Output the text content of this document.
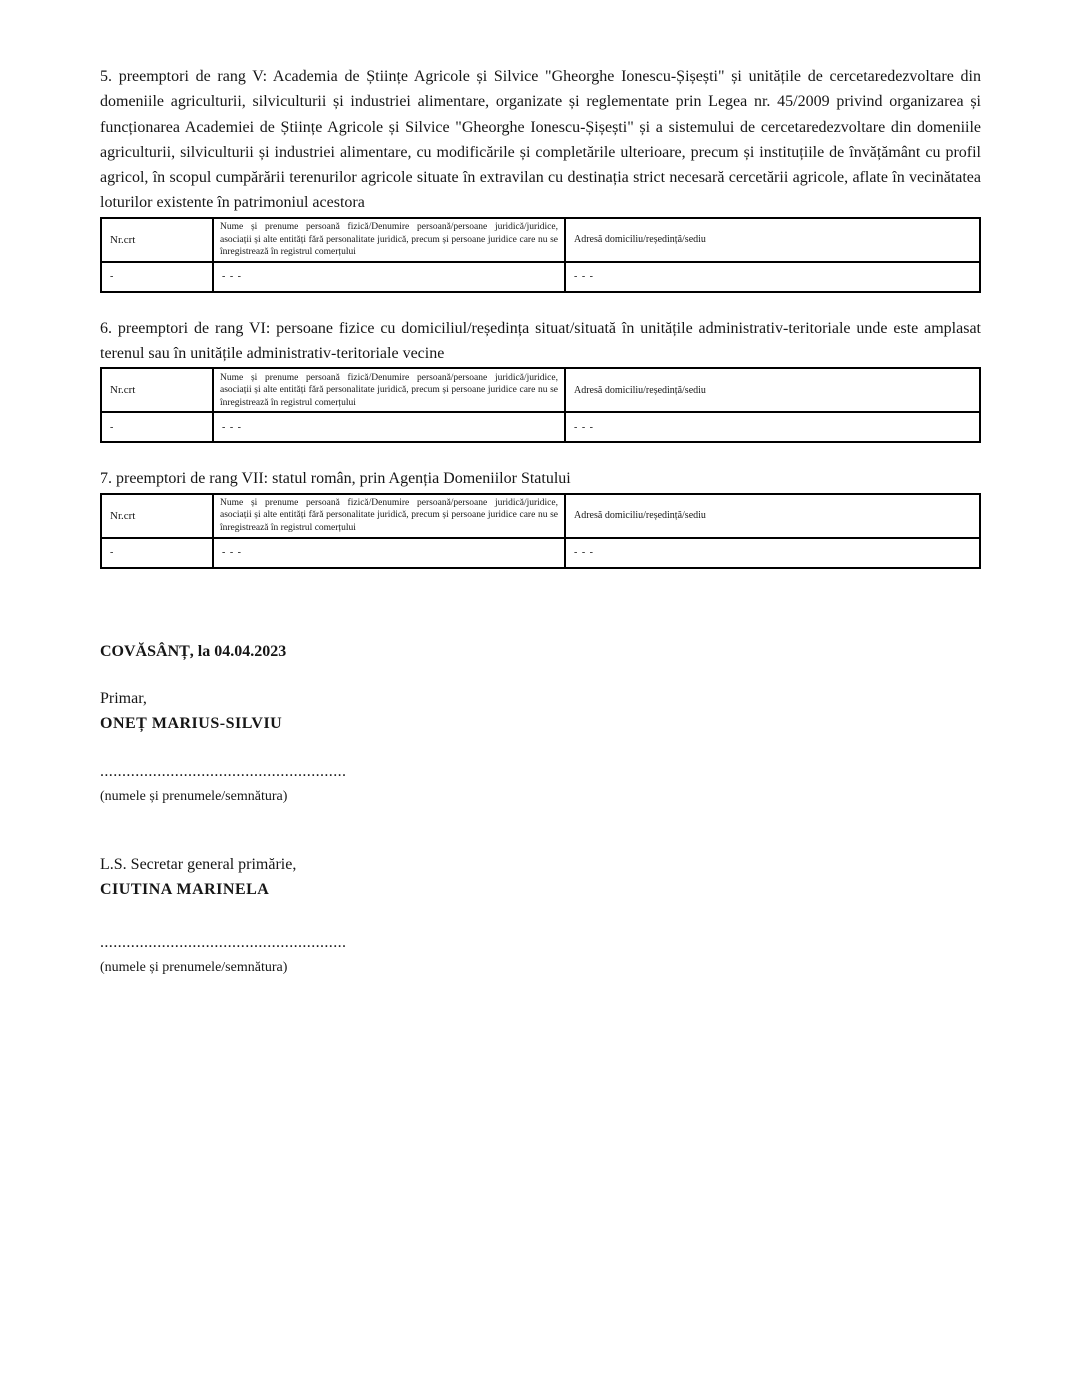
5. preemptori de rang V: Academia de Științe Agricole și Silvice "Gheorghe Ionescu-Șișești" și unitățile de cercetaredezvoltare din domeniile agriculturii, silviculturii și industriei alimentare, organizate și reglementate prin Legea nr. 45/2009 privind organizarea și funcționarea Academiei de Științe Agricole și Silvice "Gheorghe Ionescu-Șișești" și a sistemului de cercetaredezvoltare din domeniile agriculturii, silviculturii și industriei alimentare, cu modificările și completările ulterioare, precum și instituțiile de învățământ cu profil agricol, în scopul cumpărării terenurilor agricole situate în extravilan cu destinația strict necesară cercetării agricole, aflate în vecinătatea loturilor existente în patrimoniul acestora

Nr.crt	Nume și prenume persoană fizică/Denumire persoană/persoane juridică/juridice, asociații și alte entități fără personalitate juridică, precum și persoane juridice care nu se înregistrează în registrul comerțului	Adresă domiciliu/reședință/sediu
-	- - -	- - -

6. preemptori de rang VI: persoane fizice cu domiciliul/reședința situat/situată în unitățile administrativ-teritoriale unde este amplasat terenul sau în unitățile administrativ-teritoriale vecine

Nr.crt	Nume și prenume persoană fizică/Denumire persoană/persoane juridică/juridice, asociații și alte entități fără personalitate juridică, precum și persoane juridice care nu se înregistrează în registrul comerțului	Adresă domiciliu/reședință/sediu
-	- - -	- - -

7. preemptori de rang VII: statul român, prin Agenția Domeniilor Statului

Nr.crt	Nume și prenume persoană fizică/Denumire persoană/persoane juridică/juridice, asociații și alte entități fără personalitate juridică, precum și persoane juridice care nu se înregistrează în registrul comerțului	Adresă domiciliu/reședință/sediu
-	- - -	- - -

COVĂSÂNȚ, la 04.04.2023

Primar,

ONEȚ MARIUS-SILVIU

........................................................

(numele și prenumele/semnătura)

L.S. Secretar general primărie,

CIUTINA MARINELA

........................................................

(numele și prenumele/semnătura)
